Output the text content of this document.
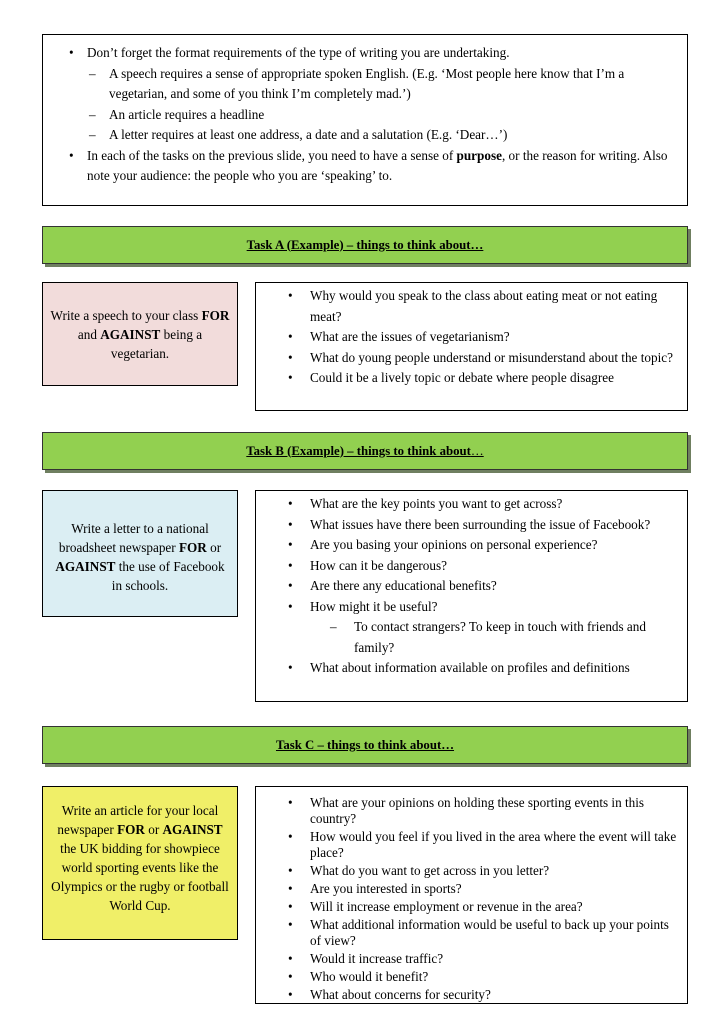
• Don’t forget the format requirements of the type of writing you are undertaking.
– A speech requires a sense of appropriate spoken English. (E.g. ‘Most people here know that I’m a vegetarian, and some of you think I’m completely mad.’)
– An article requires a headline
– A letter requires at least one address, a date and a salutation (E.g. ‘Dear…’)
• In each of the tasks on the previous slide, you need to have a sense of purpose, or the reason for writing. Also note your audience: the people who you are ‘speaking’ to.
Task A (Example) – things to think about…
Write a speech to your class FOR and AGAINST being a vegetarian.
• Why would you speak to the class about eating meat or not eating meat?
• What are the issues of vegetarianism?
• What do young people understand or misunderstand about the topic?
• Could it be a lively topic or debate where people disagree
Task B (Example) – things to think about …
Write a letter to a national broadsheet newspaper FOR or AGAINST the use of Facebook in schools.
• What are the key points you want to get across?
• What issues have there been surrounding the issue of Facebook?
• Are you basing your opinions on personal experience?
• How can it be dangerous?
• Are there any educational benefits?
• How might it be useful?
– To contact strangers? To keep in touch with friends and family?
• What about information available on profiles and definitions
Task C – things to think about…
Write an article for your local newspaper FOR or AGAINST the UK bidding for showpiece world sporting events like the Olympics or the rugby or football World Cup.
• What are your opinions on holding these sporting events in this country?
• How would you feel if you lived in the area where the event will take place?
• What do you want to get across in you letter?
• Are you interested in sports?
• Will it increase employment or revenue in the area?
• What additional information would be useful to back up your points of view?
• Would it increase traffic?
• Who would it benefit?
• What about concerns for security?
